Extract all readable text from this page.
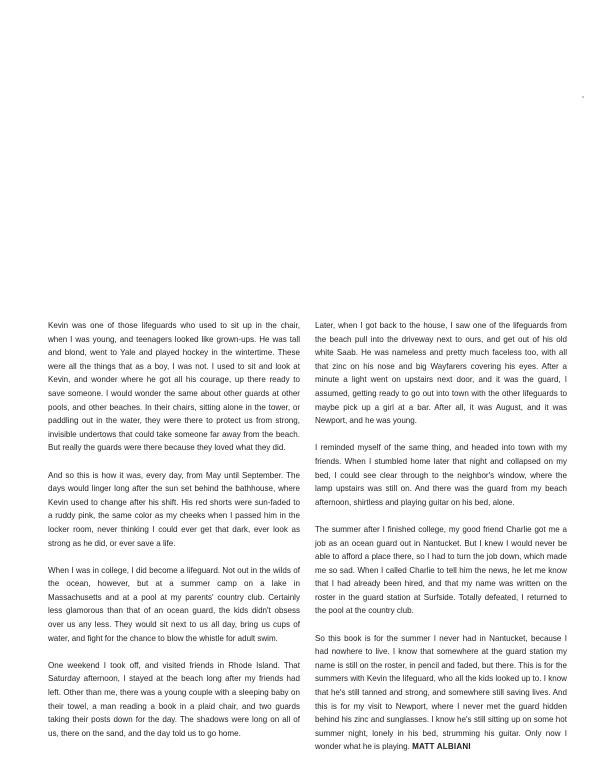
Kevin was one of those lifeguards who used to sit up in the chair, when I was young, and teenagers looked like grown-ups. He was tall and blond, went to Yale and played hockey in the wintertime. These were all the things that as a boy, I was not. I used to sit and look at Kevin, and wonder where he got all his courage, up there ready to save someone. I would wonder the same about other guards at other pools, and other beaches. In their chairs, sitting alone in the tower, or paddling out in the water, they were there to protect us from strong, invisible undertows that could take someone far away from the beach. But really the guards were there because they loved what they did.

And so this is how it was, every day, from May until September. The days would linger long after the sun set behind the bathhouse, where Kevin used to change after his shift. His red shorts were sun-faded to a ruddy pink, the same color as my cheeks when I passed him in the locker room, never thinking I could ever get that dark, ever look as strong as he did, or ever save a life.

When I was in college, I did become a lifeguard. Not out in the wilds of the ocean, however, but at a summer camp on a lake in Massachusetts and at a pool at my parents' country club. Certainly less glamorous than that of an ocean guard, the kids didn't obsess over us any less. They would sit next to us all day, bring us cups of water, and fight for the chance to blow the whistle for adult swim.

One weekend I took off, and visited friends in Rhode Island. That Saturday afternoon, I stayed at the beach long after my friends had left. Other than me, there was a young couple with a sleeping baby on their towel, a man reading a book in a plaid chair, and two guards taking their posts down for the day. The shadows were long on all of us, there on the sand, and the day told us to go home.

Later, when I got back to the house, I saw one of the lifeguards from the beach pull into the driveway next to ours, and get out of his old white Saab. He was nameless and pretty much faceless too, with all that zinc on his nose and big Wayfarers covering his eyes. After a minute a light went on upstairs next door, and it was the guard, I assumed, getting ready to go out into town with the other lifeguards to maybe pick up a girl at a bar. After all, it was August, and it was Newport, and he was young.

I reminded myself of the same thing, and headed into town with my friends. When I stumbled home later that night and collapsed on my bed, I could see clear through to the neighbor's window, where the lamp upstairs was still on. And there was the guard from my beach afternoon, shirtless and playing guitar on his bed, alone.

The summer after I finished college, my good friend Charlie got me a job as an ocean guard out in Nantucket. But I knew I would never be able to afford a place there, so I had to turn the job down, which made me so sad. When I called Charlie to tell him the news, he let me know that I had already been hired, and that my name was written on the roster in the guard station at Surfside. Totally defeated, I returned to the pool at the country club.

So this book is for the summer I never had in Nantucket, because I had nowhere to live. I know that somewhere at the guard station my name is still on the roster, in pencil and faded, but there. This is for the summers with Kevin the lifeguard, who all the kids looked up to. I know that he's still tanned and strong, and somewhere still saving lives. And this is for my visit to Newport, where I never met the guard hidden behind his zinc and sunglasses. I know he's still sitting up on some hot summer night, lonely in his bed, strumming his guitar. Only now I wonder what he is playing. MATT ALBIANI
